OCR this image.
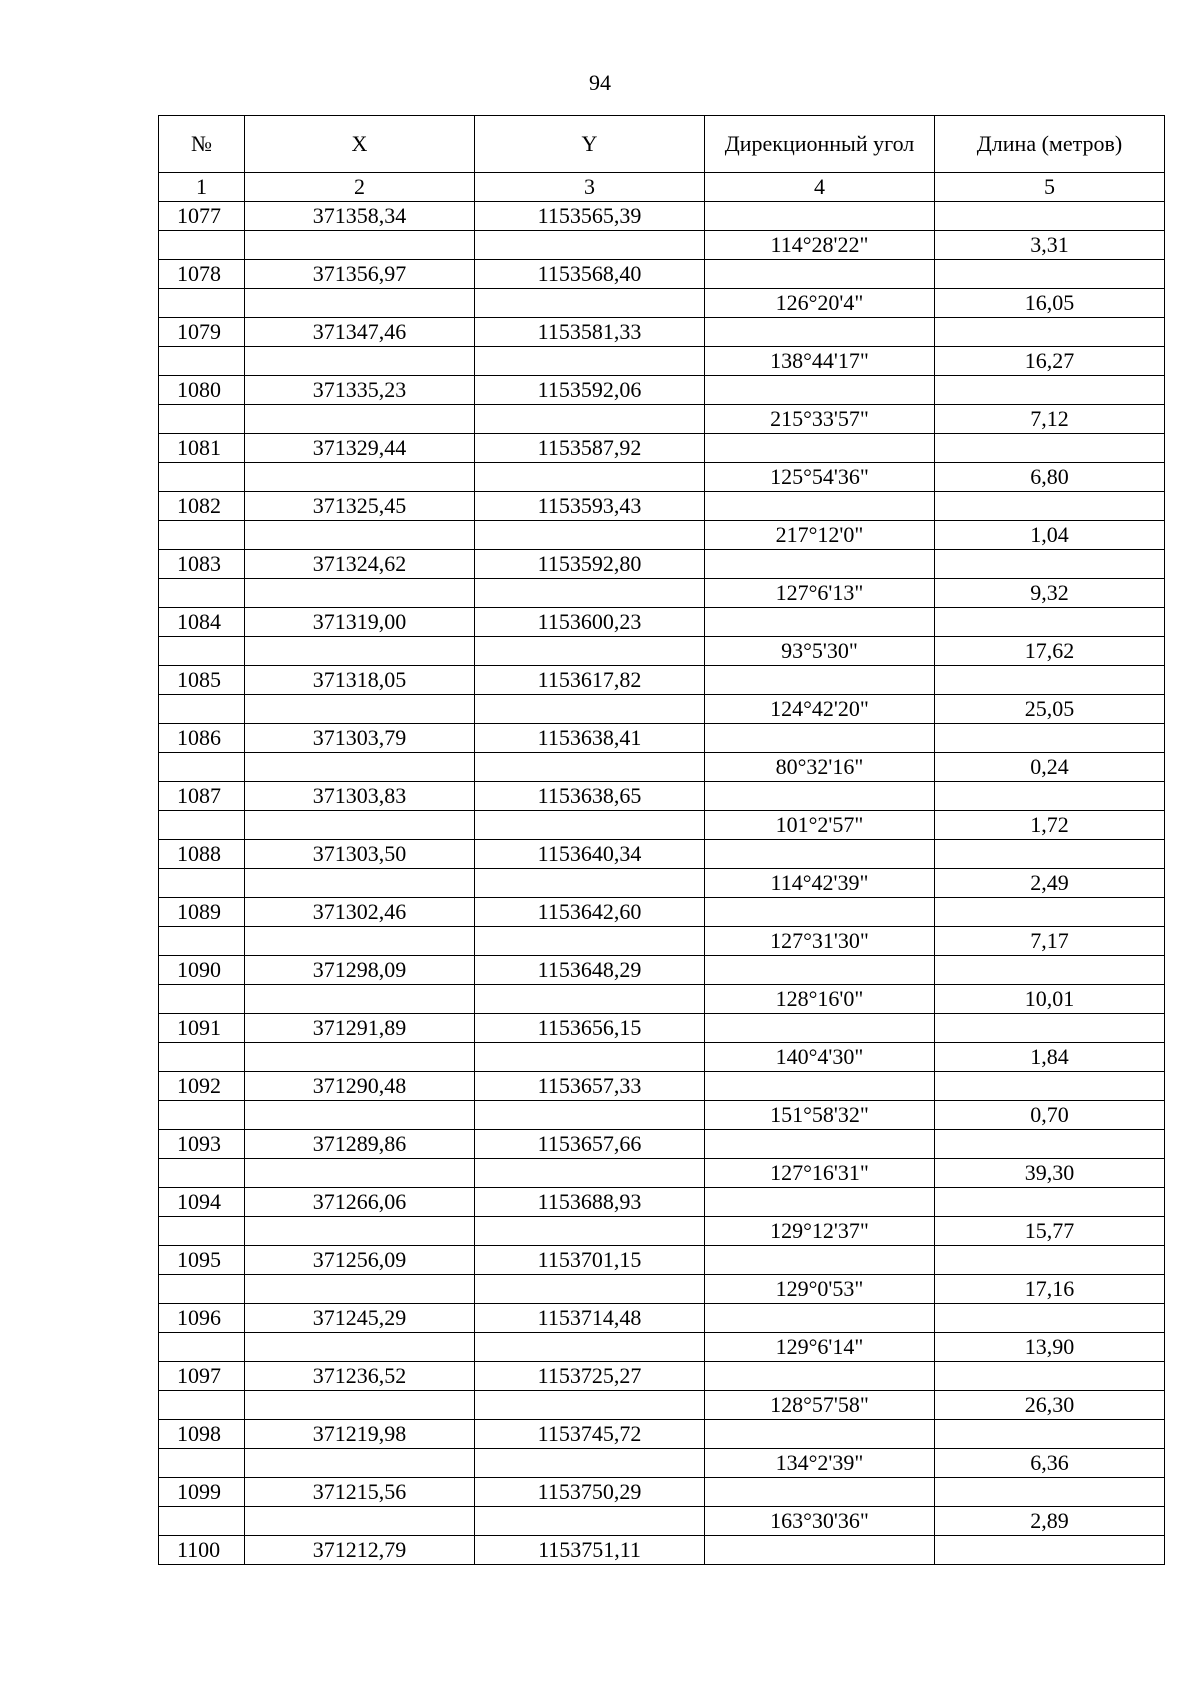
94
№	X	Y	Дирекционный угол	Длина (метров)
1	2	3	4	5
1077	371358,34	1153565,39		
			114°28'22"	3,31
1078	371356,97	1153568,40		
			126°20'4"	16,05
1079	371347,46	1153581,33		
			138°44'17"	16,27
1080	371335,23	1153592,06		
			215°33'57"	7,12
1081	371329,44	1153587,92		
			125°54'36"	6,80
1082	371325,45	1153593,43		
			217°12'0"	1,04
1083	371324,62	1153592,80		
			127°6'13"	9,32
1084	371319,00	1153600,23		
			93°5'30"	17,62
1085	371318,05	1153617,82		
			124°42'20"	25,05
1086	371303,79	1153638,41		
			80°32'16"	0,24
1087	371303,83	1153638,65		
			101°2'57"	1,72
1088	371303,50	1153640,34		
			114°42'39"	2,49
1089	371302,46	1153642,60		
			127°31'30"	7,17
1090	371298,09	1153648,29		
			128°16'0"	10,01
1091	371291,89	1153656,15		
			140°4'30"	1,84
1092	371290,48	1153657,33		
			151°58'32"	0,70
1093	371289,86	1153657,66		
			127°16'31"	39,30
1094	371266,06	1153688,93		
			129°12'37"	15,77
1095	371256,09	1153701,15		
			129°0'53"	17,16
1096	371245,29	1153714,48		
			129°6'14"	13,90
1097	371236,52	1153725,27		
			128°57'58"	26,30
1098	371219,98	1153745,72		
			134°2'39"	6,36
1099	371215,56	1153750,29		
			163°30'36"	2,89
1100	371212,79	1153751,11		
